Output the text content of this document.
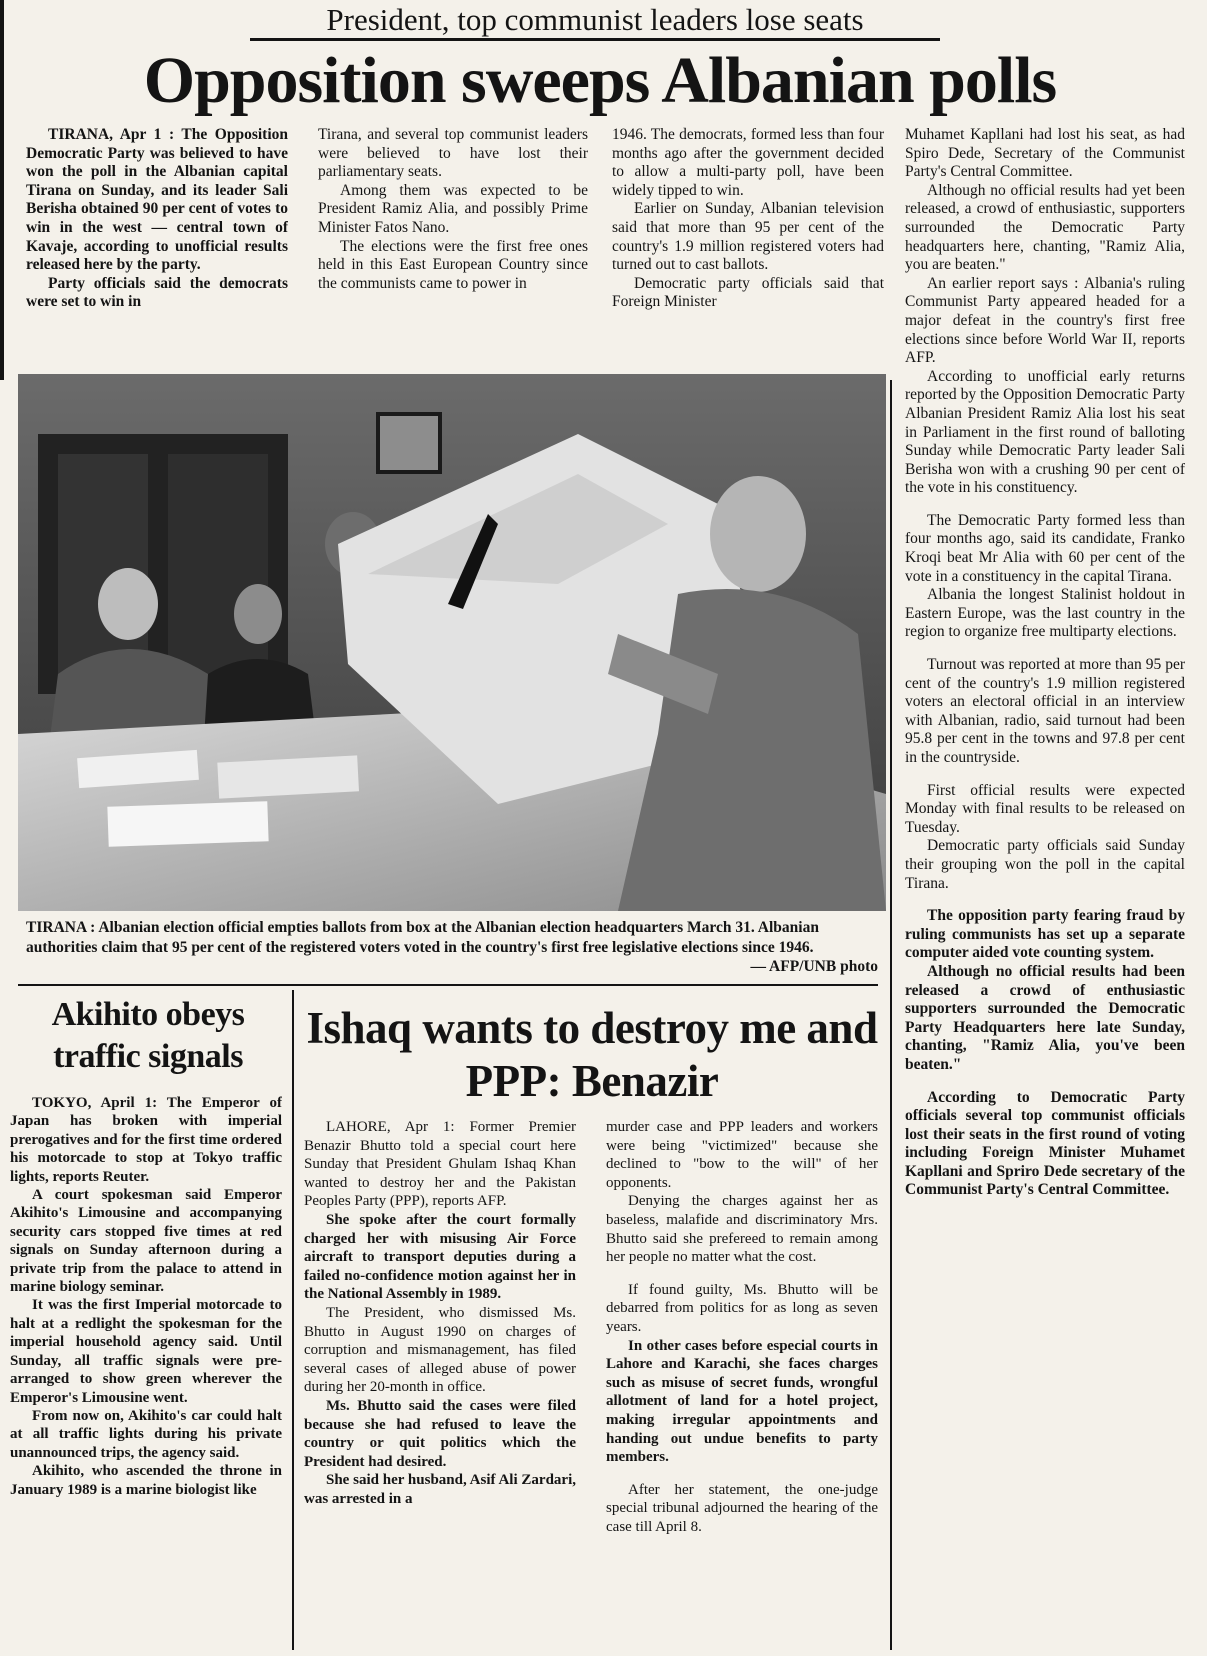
President, top communist leaders lose seats
Opposition sweeps Albanian polls

TIRANA, Apr 1 : The Opposition Democratic Party was believed to have won the poll in the Albanian capital Tirana on Sunday, and its leader Sali Berisha obtained 90 per cent of votes to win in the west — central town of Kavaje, according to unofficial results released here by the party.

Party officials said the democrats were set to win in

Tirana, and several top communist leaders were believed to have lost their parliamentary seats.

Among them was expected to be President Ramiz Alia, and possibly Prime Minister Fatos Nano.

The elections were the first free ones held in this East European Country since the communists came to power in

1946. The democrats, formed less than four months ago after the government decided to allow a multi-party poll, have been widely tipped to win.

Earlier on Sunday, Albanian television said that more than 95 per cent of the country's 1.9 million registered voters had turned out to cast ballots.

Democratic party officials said that Foreign Minister

Muhamet Kapllani had lost his seat, as had Spiro Dede, Secretary of the Communist Party's Central Committee.

Although no official results had yet been released, a crowd of enthusiastic, supporters surrounded the Democratic Party headquarters here, chanting, "Ramiz Alia, you are beaten."

An earlier report says : Albania's ruling Communist Party appeared headed for a major defeat in the country's first free elections since before World War II, reports AFP.

According to unofficial early returns reported by the Opposition Democratic Party Albanian President Ramiz Alia lost his seat in Parliament in the first round of balloting Sunday while Democratic Party leader Sali Berisha won with a crushing 90 per cent of the vote in his constituency.

The Democratic Party formed less than four months ago, said its candidate, Franko Kroqi beat Mr Alia with 60 per cent of the vote in a constituency in the capital Tirana.

Albania the longest Stalinist holdout in Eastern Europe, was the last country in the region to organize free multiparty elections.

Turnout was reported at more than 95 per cent of the country's 1.9 million registered voters an electoral official in an interview with Albanian, radio, said turnout had been 95.8 per cent in the towns and 97.8 per cent in the countryside.

First official results were expected Monday with final results to be released on Tuesday.

Democratic party officials said Sunday their grouping won the poll in the capital Tirana.

The opposition party fearing fraud by ruling communists has set up a separate computer aided vote counting system.

Although no official results had been released a crowd of enthusiastic supporters surrounded the Democratic Party Headquarters here late Sunday, chanting, "Ramiz Alia, you've been beaten."

According to Democratic Party officials several top communist officials lost their seats in the first round of voting including Foreign Minister Muhamet Kapllani and Spriro Dede secretary of the Communist Party's Central Committee.

TIRANA : Albanian election official empties ballots from box at the Albanian election headquarters March 31. Albanian authorities claim that 95 per cent of the registered voters voted in the country's first free legislative elections since 1946.
— AFP/UNB photo
Akihito obeys traffic signals

TOKYO, April 1: The Emperor of Japan has broken with imperial prerogatives and for the first time ordered his motorcade to stop at Tokyo traffic lights, reports Reuter.

A court spokesman said Emperor Akihito's Limousine and accompanying security cars stopped five times at red signals on Sunday afternoon during a private trip from the palace to attend in marine biology seminar.

It was the first Imperial motorcade to halt at a redlight the spokesman for the imperial household agency said. Until Sunday, all traffic signals were pre-arranged to show green wherever the Emperor's Limousine went.

From now on, Akihito's car could halt at all traffic lights during his private unannounced trips, the agency said.

Akihito, who ascended the throne in January 1989 is a marine biologist like

Ishaq wants to destroy me and PPP: Benazir

LAHORE, Apr 1: Former Premier Benazir Bhutto told a special court here Sunday that President Ghulam Ishaq Khan wanted to destroy her and the Pakistan Peoples Party (PPP), reports AFP.

She spoke after the court formally charged her with misusing Air Force aircraft to transport deputies during a failed no-confidence motion against her in the National Assembly in 1989.

The President, who dismissed Ms. Bhutto in August 1990 on charges of corruption and mismanagement, has filed several cases of alleged abuse of power during her 20-month in office.

Ms. Bhutto said the cases were filed because she had refused to leave the country or quit politics which the President had desired.

She said her husband, Asif Ali Zardari, was arrested in a

murder case and PPP leaders and workers were being "victimized" because she declined to "bow to the will" of her opponents.

Denying the charges against her as baseless, malafide and discriminatory Mrs. Bhutto said she prefereed to remain among her people no matter what the cost.

If found guilty, Ms. Bhutto will be debarred from politics for as long as seven years.

In other cases before especial courts in Lahore and Karachi, she faces charges such as misuse of secret funds, wrongful allotment of land for a hotel project, making irregular appointments and handing out undue benefits to party members.

After her statement, the one-judge special tribunal adjourned the hearing of the case till April 8.
